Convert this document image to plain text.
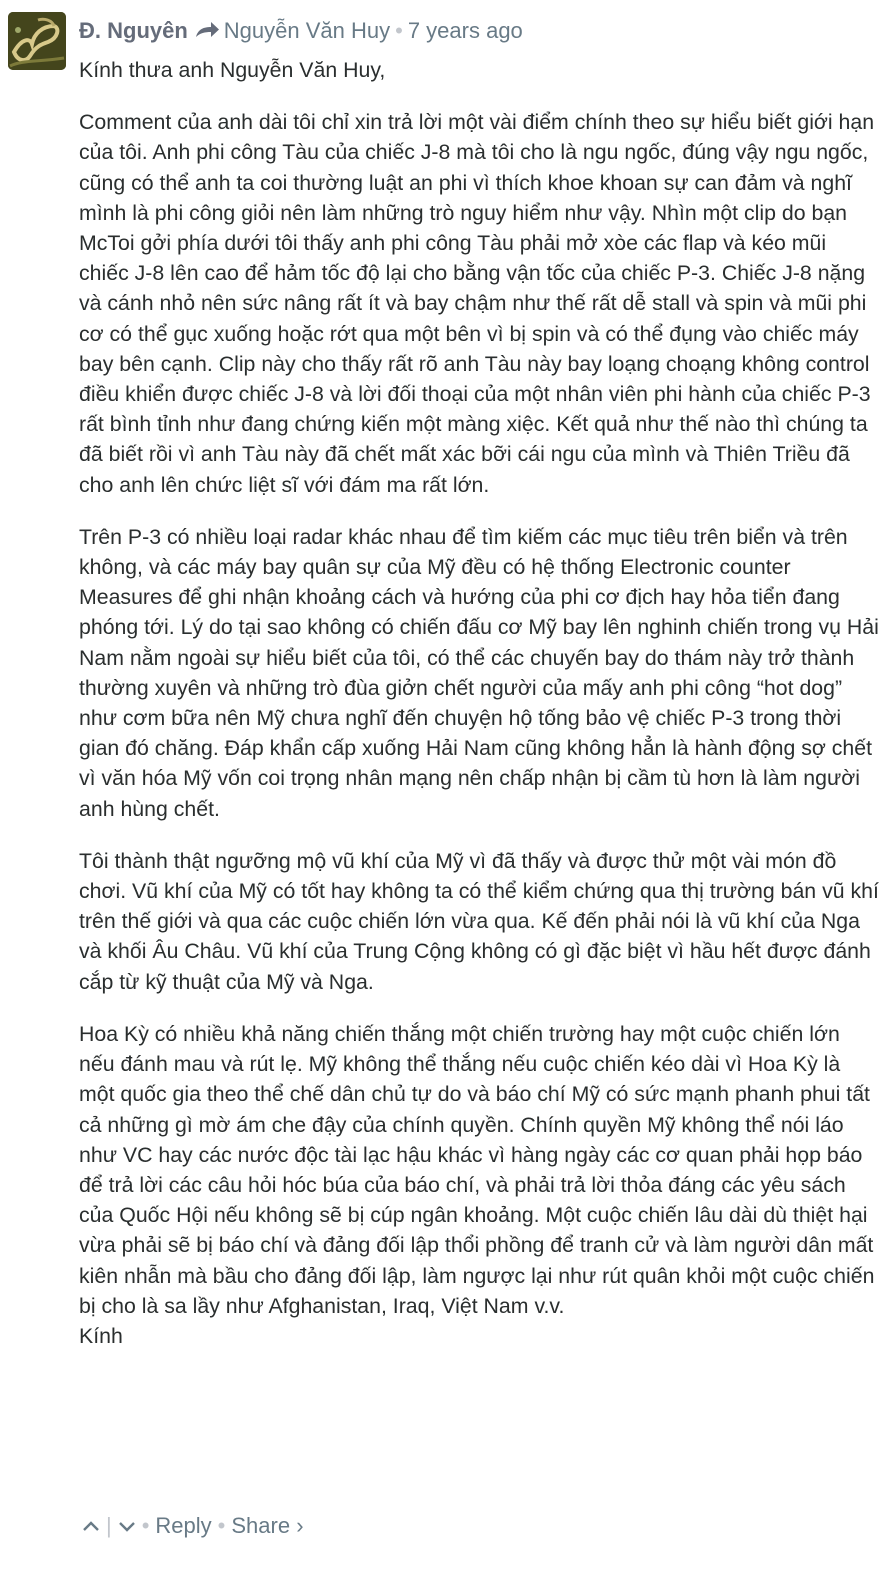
Đ. Nguyên Nguyễn Văn Huy • 7 years ago

Kính thưa anh Nguyễn Văn Huy,

Comment của anh dài tôi chỉ xin trả lời một vài điểm chính theo sự hiểu biết giới hạn của tôi. Anh phi công Tàu của chiếc J-8 mà tôi cho là ngu ngốc, đúng vậy ngu ngốc, cũng có thể anh ta coi thường luật an phi vì thích khoe khoan sự can đảm và nghĩ mình là phi công giỏi nên làm những trò nguy hiểm như vậy. Nhìn một clip do bạn McToi gởi phía dưới tôi thấy anh phi công Tàu phải mở xòe các flap và kéo mũi chiếc J-8 lên cao để hảm tốc độ lại cho bằng vận tốc của chiếc P-3. Chiếc J-8 nặng và cánh nhỏ nên sức nâng rất ít và bay chậm như thế rất dễ stall và spin và mũi phi cơ có thể gục xuống hoặc rớt qua một bên vì bị spin và có thể đụng vào chiếc máy bay bên cạnh. Clip này cho thấy rất rõ anh Tàu này bay loạng choạng không control điều khiển được chiếc J-8 và lời đối thoại của một nhân viên phi hành của chiếc P-3 rất bình tỉnh như đang chứng kiến một màng xiệc. Kết quả như thế nào thì chúng ta đã biết rồi vì anh Tàu này đã chết mất xác bỡi cái ngu của mình và Thiên Triều đã cho anh lên chức liệt sĩ với đám ma rất lớn.

Trên P-3 có nhiều loại radar khác nhau để tìm kiếm các mục tiêu trên biển và trên không, và các máy bay quân sự của Mỹ đều có hệ thống Electronic counter Measures để ghi nhận khoảng cách và hướng của phi cơ địch hay hỏa tiển đang phóng tới. Lý do tại sao không có chiến đấu cơ Mỹ bay lên nghinh chiến trong vụ Hải Nam nằm ngoài sự hiểu biết của tôi, có thể các chuyến bay do thám này trở thành thường xuyên và những trò đùa giởn chết người của mấy anh phi công “hot dog” như cơm bữa nên Mỹ chưa nghĩ đến chuyện hộ tống bảo vệ chiếc P-3 trong thời gian đó chăng. Đáp khẩn cấp xuống Hải Nam cũng không hẳn là hành động sợ chết vì văn hóa Mỹ vốn coi trọng nhân mạng nên chấp nhận bị cầm tù hơn là làm người anh hùng chết.

Tôi thành thật ngưỡng mộ vũ khí của Mỹ vì đã thấy và được thử một vài món đồ chơi. Vũ khí của Mỹ có tốt hay không ta có thể kiểm chứng qua thị trường bán vũ khí trên thế giới và qua các cuộc chiến lớn vừa qua. Kế đến phải nói là vũ khí của Nga và khối Âu Châu. Vũ khí của Trung Cộng không có gì đặc biệt vì hầu hết được đánh cắp từ kỹ thuật của Mỹ và Nga.

Hoa Kỳ có nhiều khả năng chiến thắng một chiến trường hay một cuộc chiến lớn nếu đánh mau và rút lẹ. Mỹ không thể thắng nếu cuộc chiến kéo dài vì Hoa Kỳ là một quốc gia theo thể chế dân chủ tự do và báo chí Mỹ có sức mạnh phanh phui tất cả những gì mờ ám che đậy của chính quyền. Chính quyền Mỹ không thể nói láo như VC hay các nước độc tài lạc hậu khác vì hàng ngày các cơ quan phải họp báo để trả lời các câu hỏi hóc búa của báo chí, và phải trả lời thỏa đáng các yêu sách của Quốc Hội nếu không sẽ bị cúp ngân khoảng. Một cuộc chiến lâu dài dù thiệt hại vừa phải sẽ bị báo chí và đảng đối lập thổi phồng để tranh cử và làm người dân mất kiên nhẫn mà bầu cho đảng đối lập, làm ngược lại như rút quân khỏi một cuộc chiến bị cho là sa lầy như Afghanistan, Iraq, Việt Nam v.v.

Kính

| • Reply • Share ›
